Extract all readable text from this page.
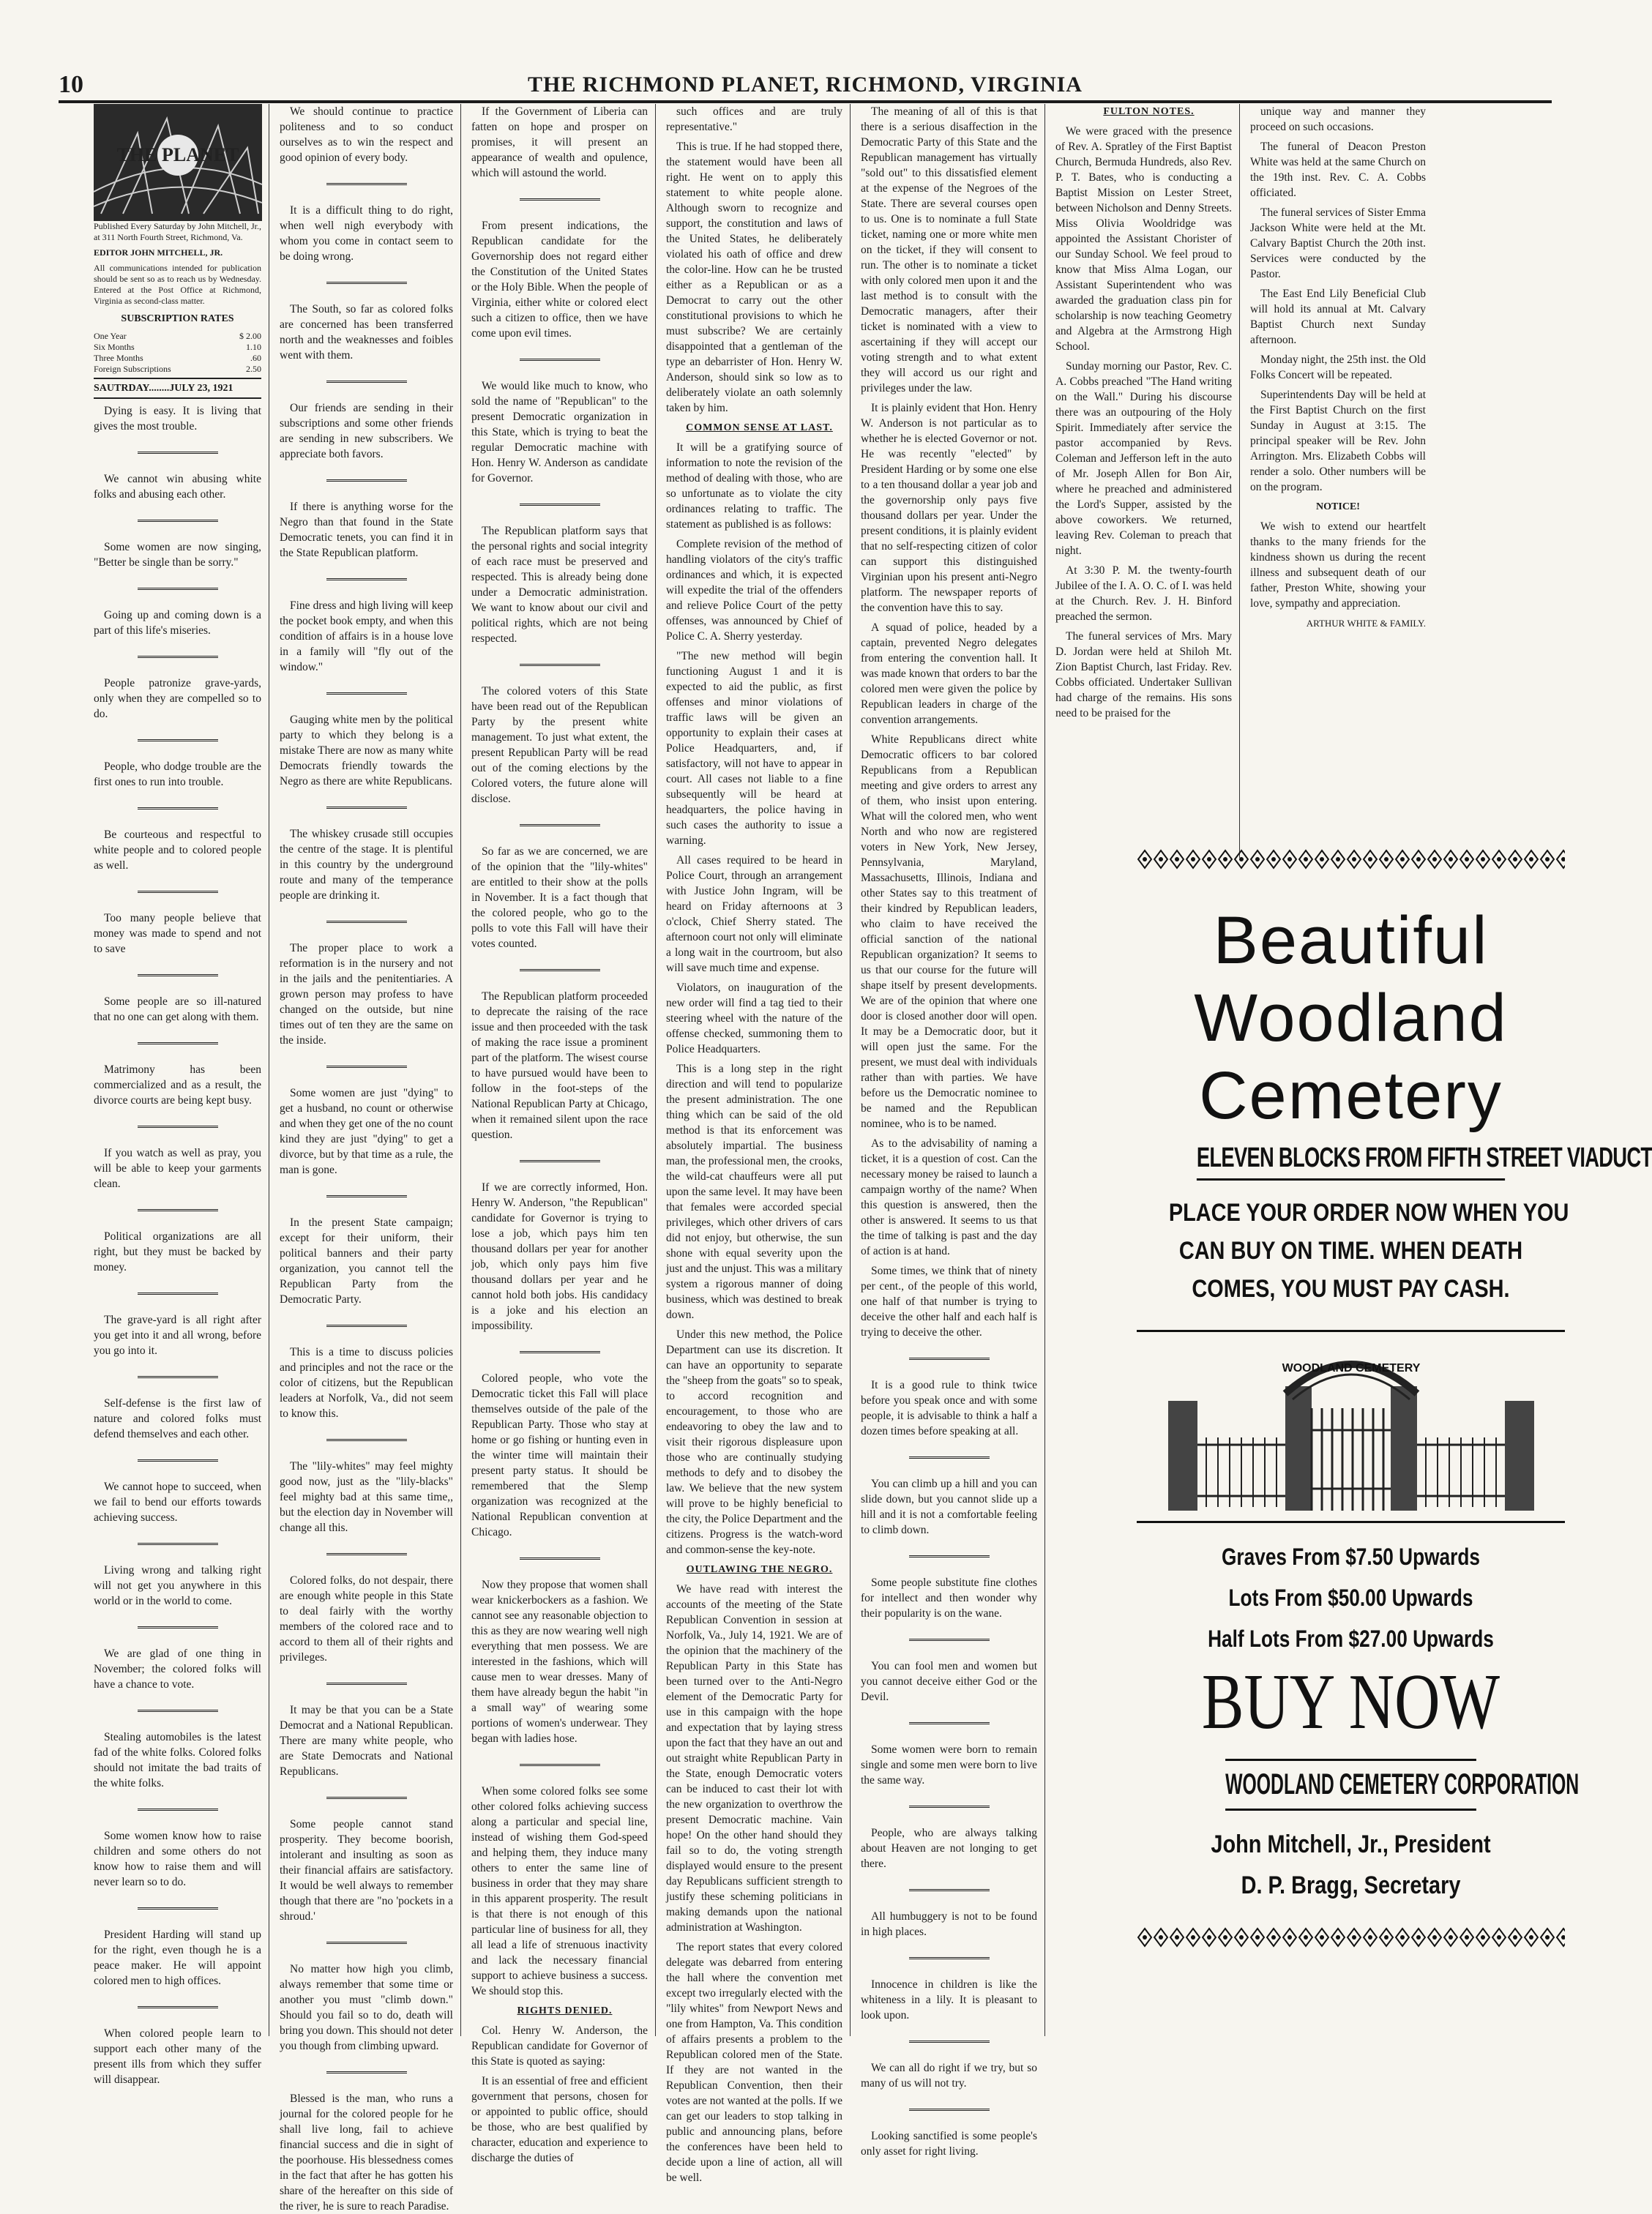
10	THE RICHMOND PLANET, RICHMOND, VIRGINIA
THE PLANET

Published Every Saturday by John Mitchell, Jr., at 311 North Fourth Street, Richmond, Va.

EDITOR JOHN MITCHELL, JR.

All communications intended for publication should be sent so as to reach us by Wednesday. Entered at the Post Office at Richmond, Virginia as second-class matter.

SUBSCRIPTION RATES

One Year	$ 2.00
Six Months	1.10
Three Months	.60
Foreign Subscriptions	2.50

SAUTRDAY........JULY 23, 1921

Dying is easy. It is living that gives the most trouble.

We cannot win abusing white folks and abusing each other.

Some women are now singing, "Better be single than be sorry."

Going up and coming down is a part of this life's miseries.

People patronize grave-yards, only when they are compelled so to do.

People, who dodge trouble are the first ones to run into trouble.

Be courteous and respectful to white people and to colored people as well.

Too many people believe that money was made to spend and not to save

Some people are so ill-natured that no one can get along with them.

Matrimony has been commercialized and as a result, the divorce courts are being kept busy.

If you watch as well as pray, you will be able to keep your garments clean.

Political organizations are all right, but they must be backed by money.

The grave-yard is all right after you get into it and all wrong, before you go into it.

Self-defense is the first law of nature and colored folks must defend themselves and each other.

We cannot hope to succeed, when we fail to bend our efforts towards achieving success.

Living wrong and talking right will not get you anywhere in this world or in the world to come.

We are glad of one thing in November; the colored folks will have a chance to vote.

Stealing automobiles is the latest fad of the white folks. Colored folks should not imitate the bad traits of the white folks.

Some women know how to raise children and some others do not know how to raise them and will never learn so to do.

President Harding will stand up for the right, even though he is a peace maker. He will appoint colored men to high offices.

When colored people learn to support each other many of the present ills from which they suffer will disappear.

We should continue to practice politeness and to so conduct ourselves as to win the respect and good opinion of every body.

It is a difficult thing to do right, when well nigh everybody with whom you come in contact seem to be doing wrong.

The South, so far as colored folks are concerned has been transferred north and the weaknesses and foibles went with them.

Our friends are sending in their subscriptions and some other friends are sending in new subscribers. We appreciate both favors.

If there is anything worse for the Negro than that found in the State Democratic tenets, you can find it in the State Republican platform.

Fine dress and high living will keep the pocket book empty, and when this condition of affairs is in a house love in a family will "fly out of the window."

Gauging white men by the political party to which they belong is a mistake There are now as many white Democrats friendly towards the Negro as there are white Republicans.

The whiskey crusade still occupies the centre of the stage. It is plentiful in this country by the underground route and many of the temperance people are drinking it.

The proper place to work a reformation is in the nursery and not in the jails and the penitentiaries. A grown person may profess to have changed on the outside, but nine times out of ten they are the same on the inside.

Some women are just "dying" to get a husband, no count or otherwise and when they get one of the no count kind they are just "dying" to get a divorce, but by that time as a rule, the man is gone.

In the present State campaign; except for their uniform, their political banners and their party organization, you cannot tell the Republican Party from the Democratic Party.

This is a time to discuss policies and principles and not the race or the color of citizens, but the Republican leaders at Norfolk, Va., did not seem to know this.

The "lily-whites" may feel mighty good now, just as the "lily-blacks" feel mighty bad at this same time,, but the election day in November will change all this.

Colored folks, do not despair, there are enough white people in this State to deal fairly with the worthy members of the colored race and to accord to them all of their rights and privileges.

It may be that you can be a State Democrat and a National Republican. There are many white people, who are State Democrats and National Republicans.

Some people cannot stand prosperity. They become boorish, intolerant and insulting as soon as their financial affairs are satisfactory. It would be well always to remember though that there are "no 'pockets in a shroud.'

No matter how high you climb, always remember that some time or another you must "climb down." Should you fail so to do, death will bring you down. This should not deter you though from climbing upward.

Blessed is the man, who runs a journal for the colored people for he shall live long, fail to achieve financial success and die in sight of the poorhouse. His blessedness comes in the fact that after he has gotten his share of the hereafter on this side of the river, he is sure to reach Paradise.

If the Government of Liberia can fatten on hope and prosper on promises, it will present an appearance of wealth and opulence, which will astound the world.

From present indications, the Republican candidate for the Governorship does not regard either the Constitution of the United States or the Holy Bible. When the people of Virginia, either white or colored elect such a citizen to office, then we have come upon evil times.

We would like much to know, who sold the name of "Republican" to the present Democratic organization in this State, which is trying to beat the regular Democratic machine with Hon. Henry W. Anderson as candidate for Governor.

The Republican platform says that the personal rights and social integrity of each race must be preserved and respected. This is already being done under a Democratic administration. We want to know about our civil and political rights, which are not being respected.

The colored voters of this State have been read out of the Republican Party by the present white management. To just what extent, the present Republican Party will be read out of the coming elections by the Colored voters, the future alone will disclose.

So far as we are concerned, we are of the opinion that the "lily-whites" are entitled to their show at the polls in November. It is a fact though that the colored people, who go to the polls to vote this Fall will have their votes counted.

The Republican platform proceeded to deprecate the raising of the race issue and then proceeded with the task of making the race issue a prominent part of the platform. The wisest course to have pursued would have been to follow in the foot-steps of the National Republican Party at Chicago, when it remained silent upon the race question.

If we are correctly informed, Hon. Henry W. Anderson, "the Republican" candidate for Governor is trying to lose a job, which pays him ten thousand dollars per year for another job, which only pays him five thousand dollars per year and he cannot hold both jobs. His candidacy is a joke and his election an impossibility.

Colored people, who vote the Democratic ticket this Fall will place themselves outside of the pale of the Republican Party. Those who stay at home or go fishing or hunting even in the winter time will maintain their present party status. It should be remembered that the Slemp organization was recognized at the National Republican convention at Chicago.

Now they propose that women shall wear knickerbockers as a fashion. We cannot see any reasonable objection to this as they are now wearing well nigh everything that men possess. We are interested in the fashions, which will cause men to wear dresses. Many of them have already begun the habit "in a small way" of wearing some portions of women's underwear. They began with ladies hose.

When some colored folks see some other colored folks achieving success along a particular and special line, instead of wishing them God-speed and helping them, they induce many others to enter the same line of business in order that they may share in this apparent prosperity. The result is that there is not enough of this particular line of business for all, they all lead a life of strenuous inactivity and lack the necessary financial support to achieve business a success. We should stop this.

RIGHTS DENIED.

Col. Henry W. Anderson, the Republican candidate for Governor of this State is quoted as saying:

It is an essential of free and efficient government that persons, chosen for or appointed to public office, should be those, who are best qualified by character, education and experience to discharge the duties of

such offices and are truly representative."

This is true. If he had stopped there, the statement would have been all right. He went on to apply this statement to white people alone. Although sworn to recognize and support, the constitution and laws of the United States, he deliberately violated his oath of office and drew the color-line. How can he be trusted either as a Republican or as a Democrat to carry out the other constitutional provisions to which he must subscribe? We are certainly disappointed that a gentleman of the type an debarrister of Hon. Henry W. Anderson, should sink so low as to deliberately violate an oath solemnly taken by him.

COMMON SENSE AT LAST.

It will be a gratifying source of information to note the revision of the method of dealing with those, who are so unfortunate as to violate the city ordinances relating to traffic. The statement as published is as follows:

Complete revision of the method of handling violators of the city's traffic ordinances and which, it is expected will expedite the trial of the offenders and relieve Police Court of the petty offenses, was announced by Chief of Police C. A. Sherry yesterday.

"The new method will begin functioning August 1 and it is expected to aid the public, as first offenses and minor violations of traffic laws will be given an opportunity to explain their cases at Police Headquarters, and, if satisfactory, will not have to appear in court. All cases not liable to a fine subsequently will be heard at headquarters, the police having in such cases the authority to issue a warning.

All cases required to be heard in Police Court, through an arrangement with Justice John Ingram, will be heard on Friday afternoons at 3 o'clock, Chief Sherry stated. The afternoon court not only will eliminate a long wait in the courtroom, but also will save much time and expense.

Violators, on inauguration of the new order will find a tag tied to their steering wheel with the nature of the offense checked, summoning them to Police Headquarters.

This is a long step in the right direction and will tend to popularize the present administration. The one thing which can be said of the old method is that its enforcement was absolutely impartial. The business man, the professional men, the crooks, the wild-cat chauffeurs were all put upon the same level. It may have been that females were accorded special privileges, which other drivers of cars did not enjoy, but otherwise, the sun shone with equal severity upon the just and the unjust. This was a military system a rigorous manner of doing business, which was destined to break down.

Under this new method, the Police Department can use its discretion. It can have an opportunity to separate the "sheep from the goats" so to speak, to accord recognition and encouragement, to those who are endeavoring to obey the law and to visit their rigorous displeasure upon those who are continually studying methods to defy and to disobey the law. We believe that the new system will prove to be highly beneficial to the city, the Police Department and the citizens. Progress is the watch-word and common-sense the key-note.

OUTLAWING THE NEGRO.

We have read with interest the accounts of the meeting of the State Republican Convention in session at Norfolk, Va., July 14, 1921. We are of the opinion that the machinery of the Republican Party in this State has been turned over to the Anti-Negro element of the Democratic Party for use in this campaign with the hope and expectation that by laying stress upon the fact that they have an out and out straight white Republican Party in the State, enough Democratic voters can be induced to cast their lot with the new organization to overthrow the present Democratic machine. Vain hope! On the other hand should they fail so to do, the voting strength displayed would ensure to the present day Republicans sufficient strength to justify these scheming politicians in making demands upon the national administration at Washington.

The report states that every colored delegate was debarred from entering the hall where the convention met except two irregularly elected with the "lily whites" from Newport News and one from Hampton, Va. This condition of affairs presents a problem to the Republican colored men of the State. If they are not wanted in the Republican Convention, then their votes are not wanted at the polls. If we can get our leaders to stop talking in public and announcing plans, before the conferences have been held to decide upon a line of action, all will be well.

The meaning of all of this is that there is a serious disaffection in the Democratic Party of this State and the Republican management has virtually "sold out" to this dissatisfied element at the expense of the Negroes of the State. There are several courses open to us. One is to nominate a full State ticket, naming one or more white men on the ticket, if they will consent to run. The other is to nominate a ticket with only colored men upon it and the last method is to consult with the Democratic managers, after their ticket is nominated with a view to ascertaining if they will accept our voting strength and to what extent they will accord us our right and privileges under the law.

It is plainly evident that Hon. Henry W. Anderson is not particular as to whether he is elected Governor or not. He was recently "elected" by President Harding or by some one else to a ten thousand dollar a year job and the governorship only pays five thousand dollars per year. Under the present conditions, it is plainly evident that no self-respecting citizen of color can support this distinguished Virginian upon his present anti-Negro platform. The newspaper reports of the convention have this to say.

A squad of police, headed by a captain, prevented Negro delegates from entering the convention hall. It was made known that orders to bar the colored men were given the police by Republican leaders in charge of the convention arrangements.

White Republicans direct white Democratic officers to bar colored Republicans from a Republican meeting and give orders to arrest any of them, who insist upon entering. What will the colored men, who went North and who now are registered voters in New York, New Jersey, Pennsylvania, Maryland, Massachusetts, Illinois, Indiana and other States say to this treatment of their kindred by Republican leaders, who claim to have received the official sanction of the national Republican organization? It seems to us that our course for the future will shape itself by present developments. We are of the opinion that where one door is closed another door will open. It may be a Democratic door, but it will open just the same. For the present, we must deal with individuals rather than with parties. We have before us the Democratic nominee to be named and the Republican nominee, who is to be named.

As to the advisability of naming a ticket, it is a question of cost. Can the necessary money be raised to launch a campaign worthy of the name? When this question is answered, then the other is answered. It seems to us that the time of talking is past and the day of action is at hand.

Some times, we think that of ninety per cent., of the people of this world, one half of that number is trying to deceive the other half and each half is trying to deceive the other.

It is a good rule to think twice before you speak once and with some people, it is advisable to think a half a dozen times before speaking at all.

You can climb up a hill and you can slide down, but you cannot slide up a hill and it is not a comfortable feeling to climb down.

Some people substitute fine clothes for intellect and then wonder why their popularity is on the wane.

You can fool men and women but you cannot deceive either God or the Devil.

Some women were born to remain single and some men were born to live the same way.

People, who are always talking about Heaven are not longing to get there.

All humbuggery is not to be found in high places.

Innocence in children is like the whiteness in a lily. It is pleasant to look upon.

We can all do right if we try, but so many of us will not try.

Looking sanctified is some people's only asset for right living.

FULTON NOTES.

We were graced with the presence of Rev. A. Spratley of the First Baptist Church, Bermuda Hundreds, also Rev. P. T. Bates, who is conducting a Baptist Mission on Lester Street, between Nicholson and Denny Streets. Miss Olivia Wooldridge was appointed the Assistant Chorister of our Sunday School. We feel proud to know that Miss Alma Logan, our Assistant Superintendent who was awarded the graduation class pin for scholarship is now teaching Geometry and Algebra at the Armstrong High School.

Sunday morning our Pastor, Rev. C. A. Cobbs preached "The Hand writing on the Wall." During his discourse there was an outpouring of the Holy Spirit. Immediately after service the pastor accompanied by Revs. Coleman and Jefferson left in the auto of Mr. Joseph Allen for Bon Air, where he preached and administered the Lord's Supper, assisted by the above coworkers. We returned, leaving Rev. Coleman to preach that night.

At 3:30 P. M. the twenty-fourth Jubilee of the I. A. O. C. of I. was held at the Church. Rev. J. H. Binford preached the sermon.

The funeral services of Mrs. Mary D. Jordan were held at Shiloh Mt. Zion Baptist Church, last Friday. Rev. Cobbs officiated. Undertaker Sullivan had charge of the remains. His sons need to be praised for the

unique way and manner they proceed on such occasions.

The funeral of Deacon Preston White was held at the same Church on the 19th inst. Rev. C. A. Cobbs officiated.

The funeral services of Sister Emma Jackson White were held at the Mt. Calvary Baptist Church the 20th inst. Services were conducted by the Pastor.

The East End Lily Beneficial Club will hold its annual at Mt. Calvary Baptist Church next Sunday afternoon.

Monday night, the 25th inst. the Old Folks Concert will be repeated.

Superintendents Day will be held at the First Baptist Church on the first Sunday in August at 3:15. The principal speaker will be Rev. John Arrington. Mrs. Elizabeth Cobbs will render a solo. Other numbers will be on the program.

NOTICE!

We wish to extend our heartfelt thanks to the many friends for the kindness shown us during the recent illness and subsequent death of our father, Preston White, showing your love, sympathy and appreciation.

ARTHUR WHITE & FAMILY.

Beautiful
Woodland
Cemetery
ELEVEN BLOCKS FROM FIFTH STREET VIADUCT
PLACE YOUR ORDER NOW WHEN YOU
CAN BUY ON TIME. WHEN DEATH
COMES, YOU MUST PAY CASH.
WOODLAND CEMETERY
Graves From $7.50 Upwards
Lots From $50.00 Upwards
Half Lots From $27.00 Upwards
BUY NOW
WOODLAND CEMETERY CORPORATION
John Mitchell, Jr., President
D. P. Bragg, Secretary
